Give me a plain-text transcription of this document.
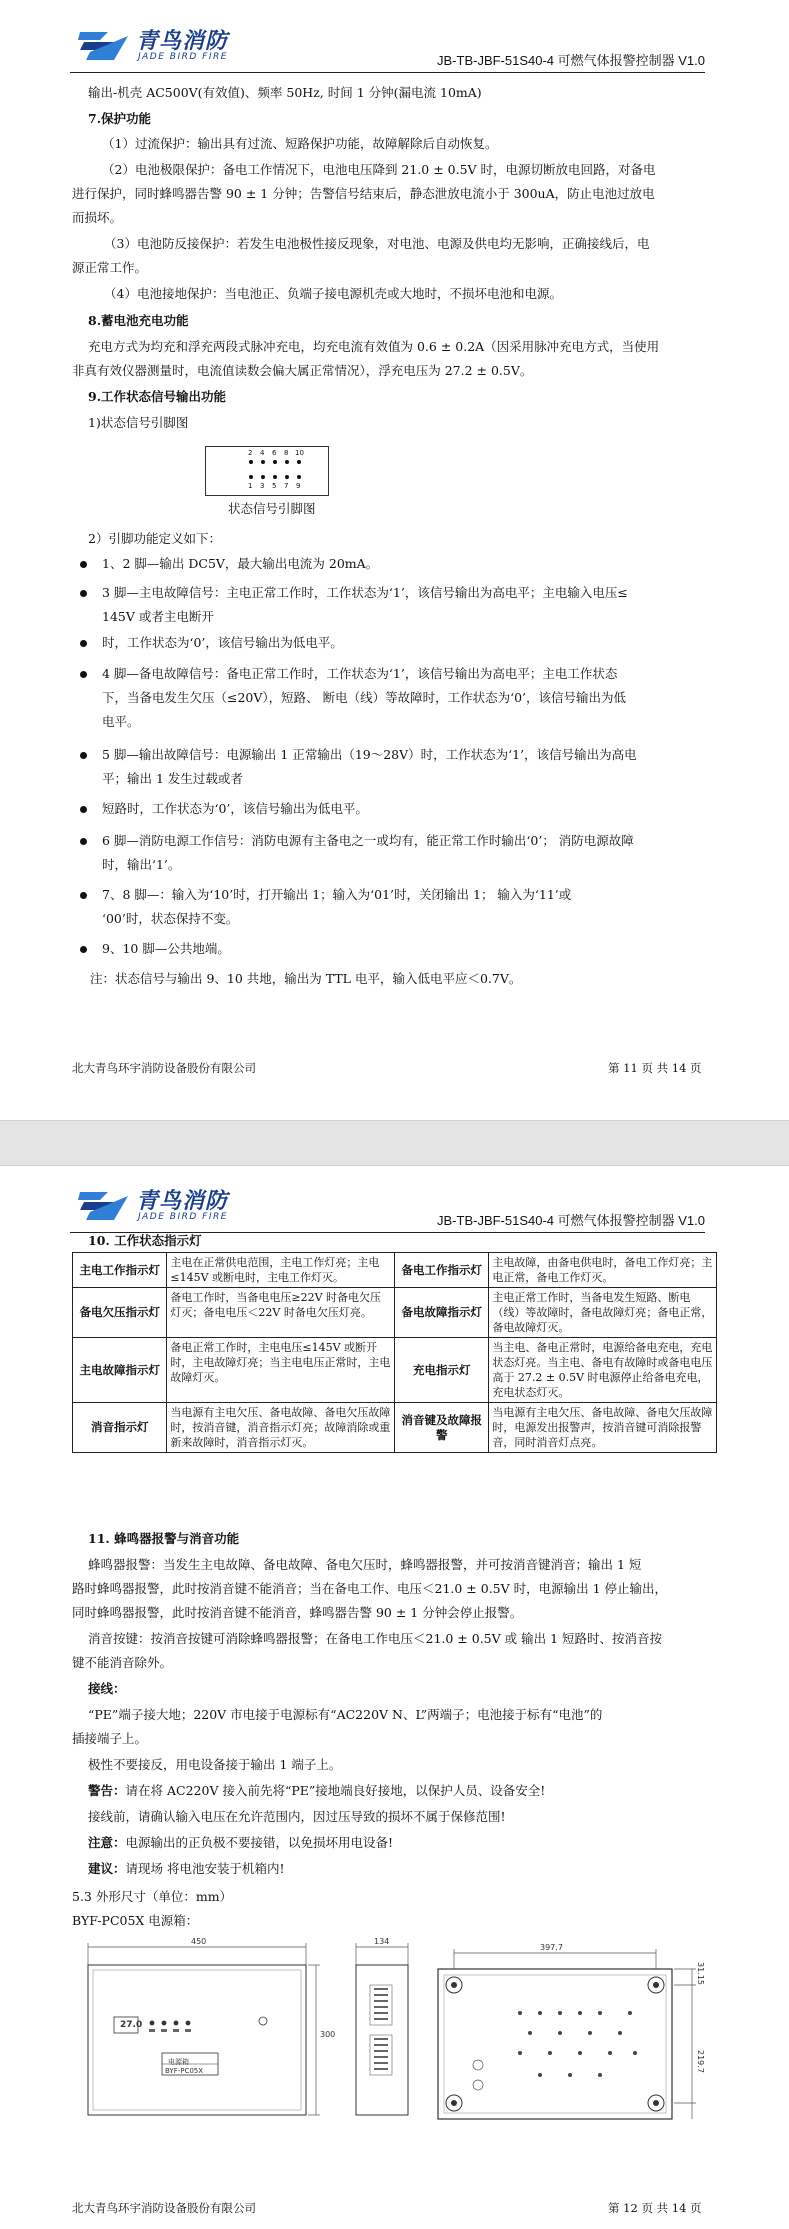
青鸟消防
JADE BIRD FIRE	JB-TB-JBF-51S40-4 可燃气体报警控制器 V1.0
输出-机壳 AC500V(有效值)、频率 50Hz, 时间 1 分钟(漏电流 10mA)
7.保护功能
（1）过流保护：输出具有过流、短路保护功能，故障解除后自动恢复。
（2）电池极限保护：备电工作情况下，电池电压降到 21.0 ± 0.5V 时，电源切断放电回路，对备电
进行保护，同时蜂鸣器告警 90 ± 1 分钟；告警信号结束后，静态泄放电流小于 300uA，防止电池过放电
而损坏。
（3）电池防反接保护：若发生电池极性接反现象，对电池、电源及供电均无影响，正确接线后，电
源正常工作。
（4）电池接地保护：当电池正、负端子接电源机壳或大地时，不损坏电池和电源。
8.蓄电池充电功能
充电方式为均充和浮充两段式脉冲充电，均充电流有效值为 0.6 ± 0.2A（因采用脉冲充电方式，当使用
非真有效仪器测量时，电流值读数会偏大属正常情况），浮充电压为 27.2 ± 0.5V。
9.工作状态信号输出功能
1)状态信号引脚图
2 4 6 8 10
1 3 5 7 9
状态信号引脚图
2）引脚功能定义如下：
1、2 脚—输出 DC5V，最大输出电流为 20mA。
3 脚—主电故障信号：主电正常工作时，工作状态为‘1’，该信号输出为高电平；主电输入电压≤
145V 或者主电断开
时，工作状态为‘0’，该信号输出为低电平。
4 脚—备电故障信号：备电正常工作时，工作状态为‘1’，该信号输出为高电平；主电工作状态
下，当备电发生欠压（≤20V），短路、 断电（线）等故障时，工作状态为‘0’，该信号输出为低
电平。
5 脚—输出故障信号：电源输出 1 正常输出（19～28V）时，工作状态为‘1’，该信号输出为高电
平；输出 1 发生过载或者
短路时，工作状态为‘0’，该信号输出为低电平。
6 脚—消防电源工作信号：消防电源有主备电之一或均有，能正常工作时输出‘0’； 消防电源故障
时，输出‘1’。
7、8 脚—：输入为‘10’时，打开输出 1；输入为‘01’时，关闭输出 1； 输入为‘11’或
‘00’时，状态保持不变。
9、10 脚—公共地端。
注：状态信号与输出 9、10 共地，输出为 TTL 电平，输入低电平应＜0.7V。
北大青鸟环宇消防设备股份有限公司	第 11 页 共 14 页
青鸟消防
JADE BIRD FIRE	JB-TB-JBF-51S40-4 可燃气体报警控制器 V1.0
10. 工作状态指示灯
主电工作指示灯	主电在正常供电范围，主电工作灯亮；主电≤145V 或断电时，主电工作灯灭。	备电工作指示灯	主电故障，由备电供电时，备电工作灯亮；主电正常，备电工作灯灭。
备电欠压指示灯	备电工作时，当备电电压≥22V 时备电欠压灯灭；备电电压＜22V 时备电欠压灯亮。	备电故障指示灯	主电正常工作时，当备电发生短路、断电（线）等故障时，备电故障灯亮；备电正常，备电故障灯灭。
主电故障指示灯	备电正常工作时，主电电压≤145V 或断开时，主电故障灯亮；当主电电压正常时，主电故障灯灭。	充电指示灯	当主电、备电正常时，电源给备电充电，充电状态灯亮。当主电、备电有故障时或备电电压高于 27.2 ± 0.5V 时电源停止给备电充电，充电状态灯灭。
消音指示灯	当电源有主电欠压、备电故障、备电欠压故障时，按消音键，消音指示灯亮；故障消除或重新来故障时，消音指示灯灭。	消音键及故障报警	当电源有主电欠压、备电故障、备电欠压故障时，电源发出报警声，按消音键可消除报警音，同时消音灯点亮。
11. 蜂鸣器报警与消音功能
蜂鸣器报警：当发生主电故障、备电故障、备电欠压时，蜂鸣器报警，并可按消音键消音；输出 1 短
路时蜂鸣器报警，此时按消音键不能消音；当在备电工作、电压＜21.0 ± 0.5V 时，电源输出 1 停止输出，
同时蜂鸣器报警，此时按消音键不能消音，蜂鸣器告警 90 ± 1 分钟会停止报警。
消音按键：按消音按键可消除蜂鸣器报警；在备电工作电压＜21.0 ± 0.5V 或 输出 1 短路时、按消音按
键不能消音除外。
接线：
“PE”端子接大地；220V 市电接于电源标有“AC220V N、L”两端子；电池接于标有“电池”的
插接端子上。
极性不要接反，用电设备接于输出 1 端子上。
警告：请在将 AC220V 接入前先将“PE”接地端良好接地，以保护人员、设备安全!
接线前，请确认输入电压在允许范围内，因过压导致的损坏不属于保修范围!
注意：电源输出的正负极不要接错，以免损坏用电设备!
建议：请现场 将电池安装于机箱内!
5.3 外形尺寸（单位：mm）
BYF-PC05X 电源箱：
450
300
27.0
电源箱
BYF-PC05X
134
397.7
31.15
219.7
北大青鸟环宇消防设备股份有限公司	第 12 页 共 14 页
